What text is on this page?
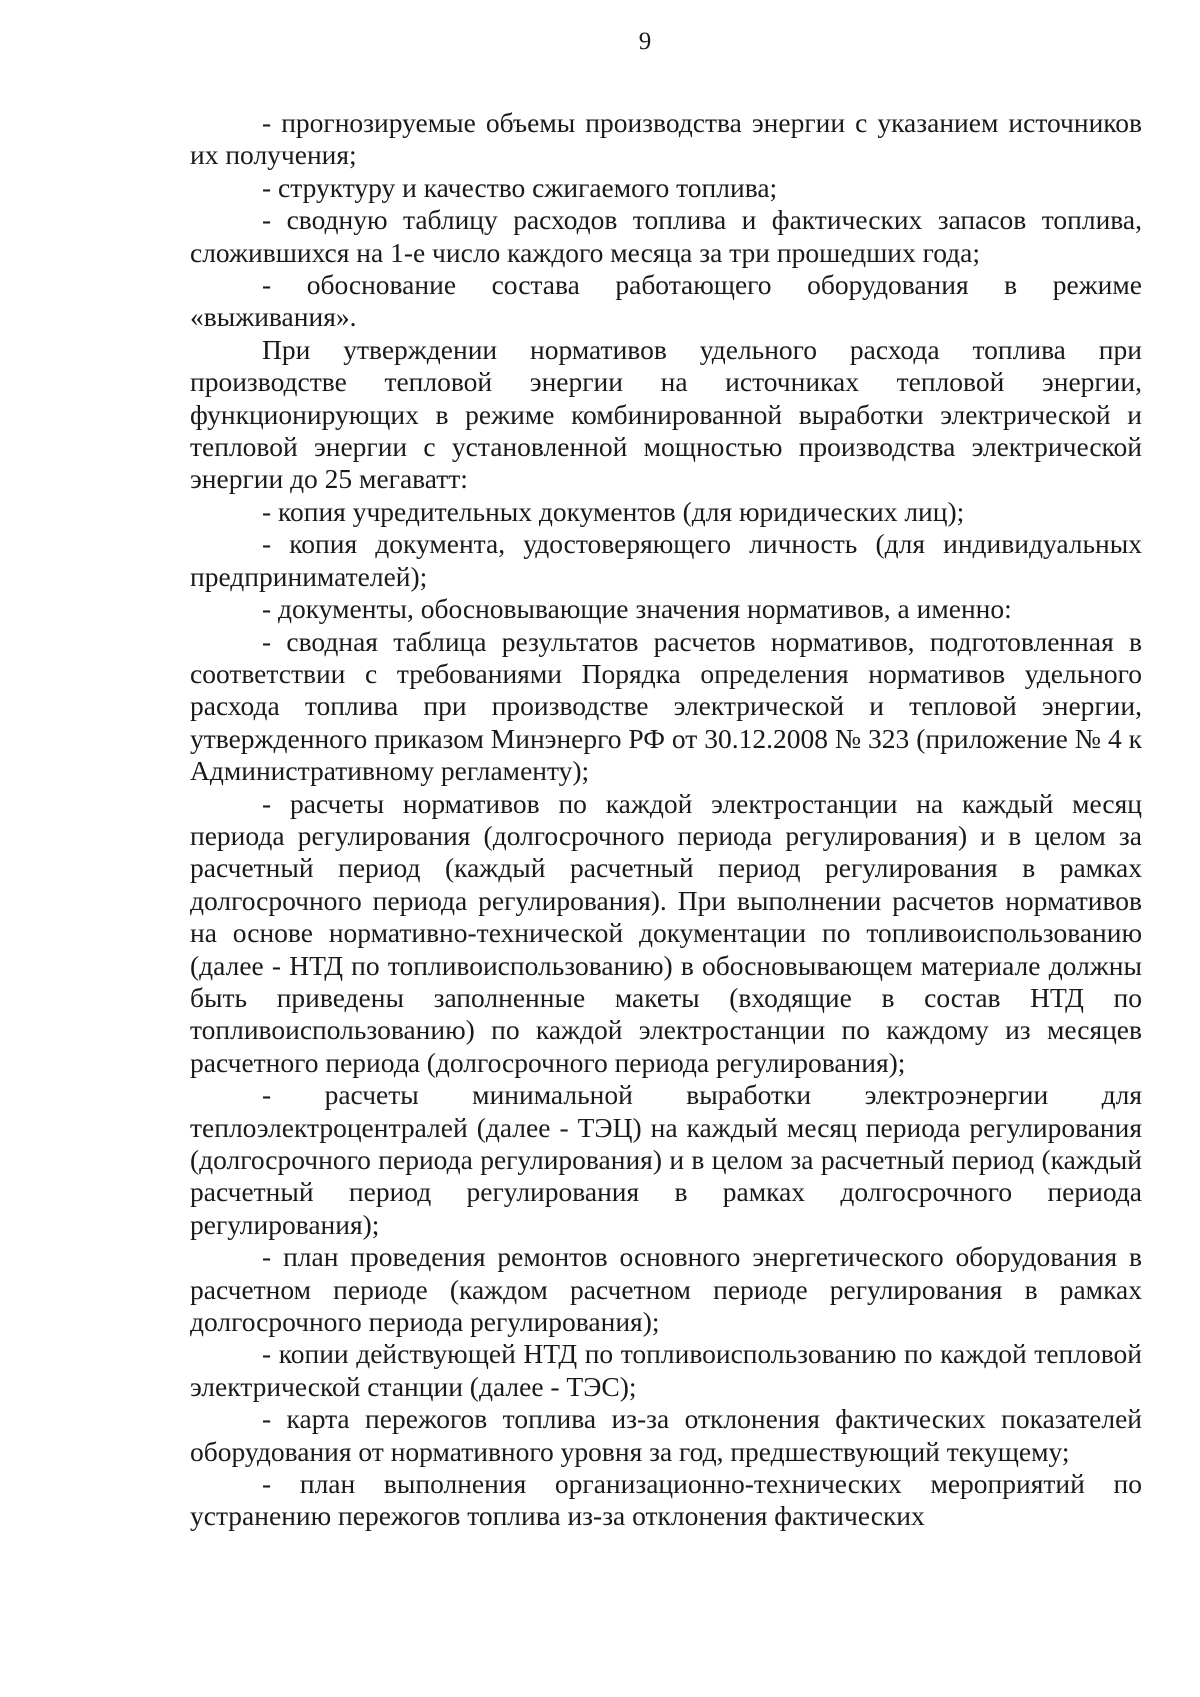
9

- прогнозируемые объемы производства энергии с указанием источников их получения;

- структуру и качество сжигаемого топлива;

- сводную таблицу расходов топлива и фактических запасов топлива, сложившихся на 1-е число каждого месяца за три прошедших года;

- обоснование состава работающего оборудования в режиме «выживания».

При утверждении нормативов удельного расхода топлива при производстве тепловой энергии на источниках тепловой энергии, функционирующих в режиме комбинированной выработки электрической и тепловой энергии с установленной мощностью производства электрической энергии до 25 мегаватт:

- копия учредительных документов (для юридических лиц);

- копия документа, удостоверяющего личность (для индивидуальных предпринимателей);

- документы, обосновывающие значения нормативов, а именно:

- сводная таблица результатов расчетов нормативов, подготовленная в соответствии с требованиями Порядка определения нормативов удельного расхода топлива при производстве электрической и тепловой энергии, утвержденного приказом Минэнерго РФ от 30.12.2008 № 323 (приложение № 4 к Административному регламенту);

- расчеты нормативов по каждой электростанции на каждый месяц периода регулирования (долгосрочного периода регулирования) и в целом за расчетный период (каждый расчетный период регулирования в рамках долгосрочного периода регулирования). При выполнении расчетов нормативов на основе нормативно-технической документации по топливоиспользованию (далее - НТД по топливоиспользованию) в обосновывающем материале должны быть приведены заполненные макеты (входящие в состав НТД по топливоиспользованию) по каждой электростанции по каждому из месяцев расчетного периода (долгосрочного периода регулирования);

- расчеты минимальной выработки электроэнергии для теплоэлектроцентралей (далее - ТЭЦ) на каждый месяц периода регулирования (долгосрочного периода регулирования) и в целом за расчетный период (каждый расчетный период регулирования в рамках долгосрочного периода регулирования);

- план проведения ремонтов основного энергетического оборудования в расчетном периоде (каждом расчетном периоде регулирования в рамках долгосрочного периода регулирования);

- копии действующей НТД по топливоиспользованию по каждой тепловой электрической станции (далее - ТЭС);

- карта пережогов топлива из-за отклонения фактических показателей оборудования от нормативного уровня за год, предшествующий текущему;

- план выполнения организационно-технических мероприятий по устранению пережогов топлива из-за отклонения фактических
